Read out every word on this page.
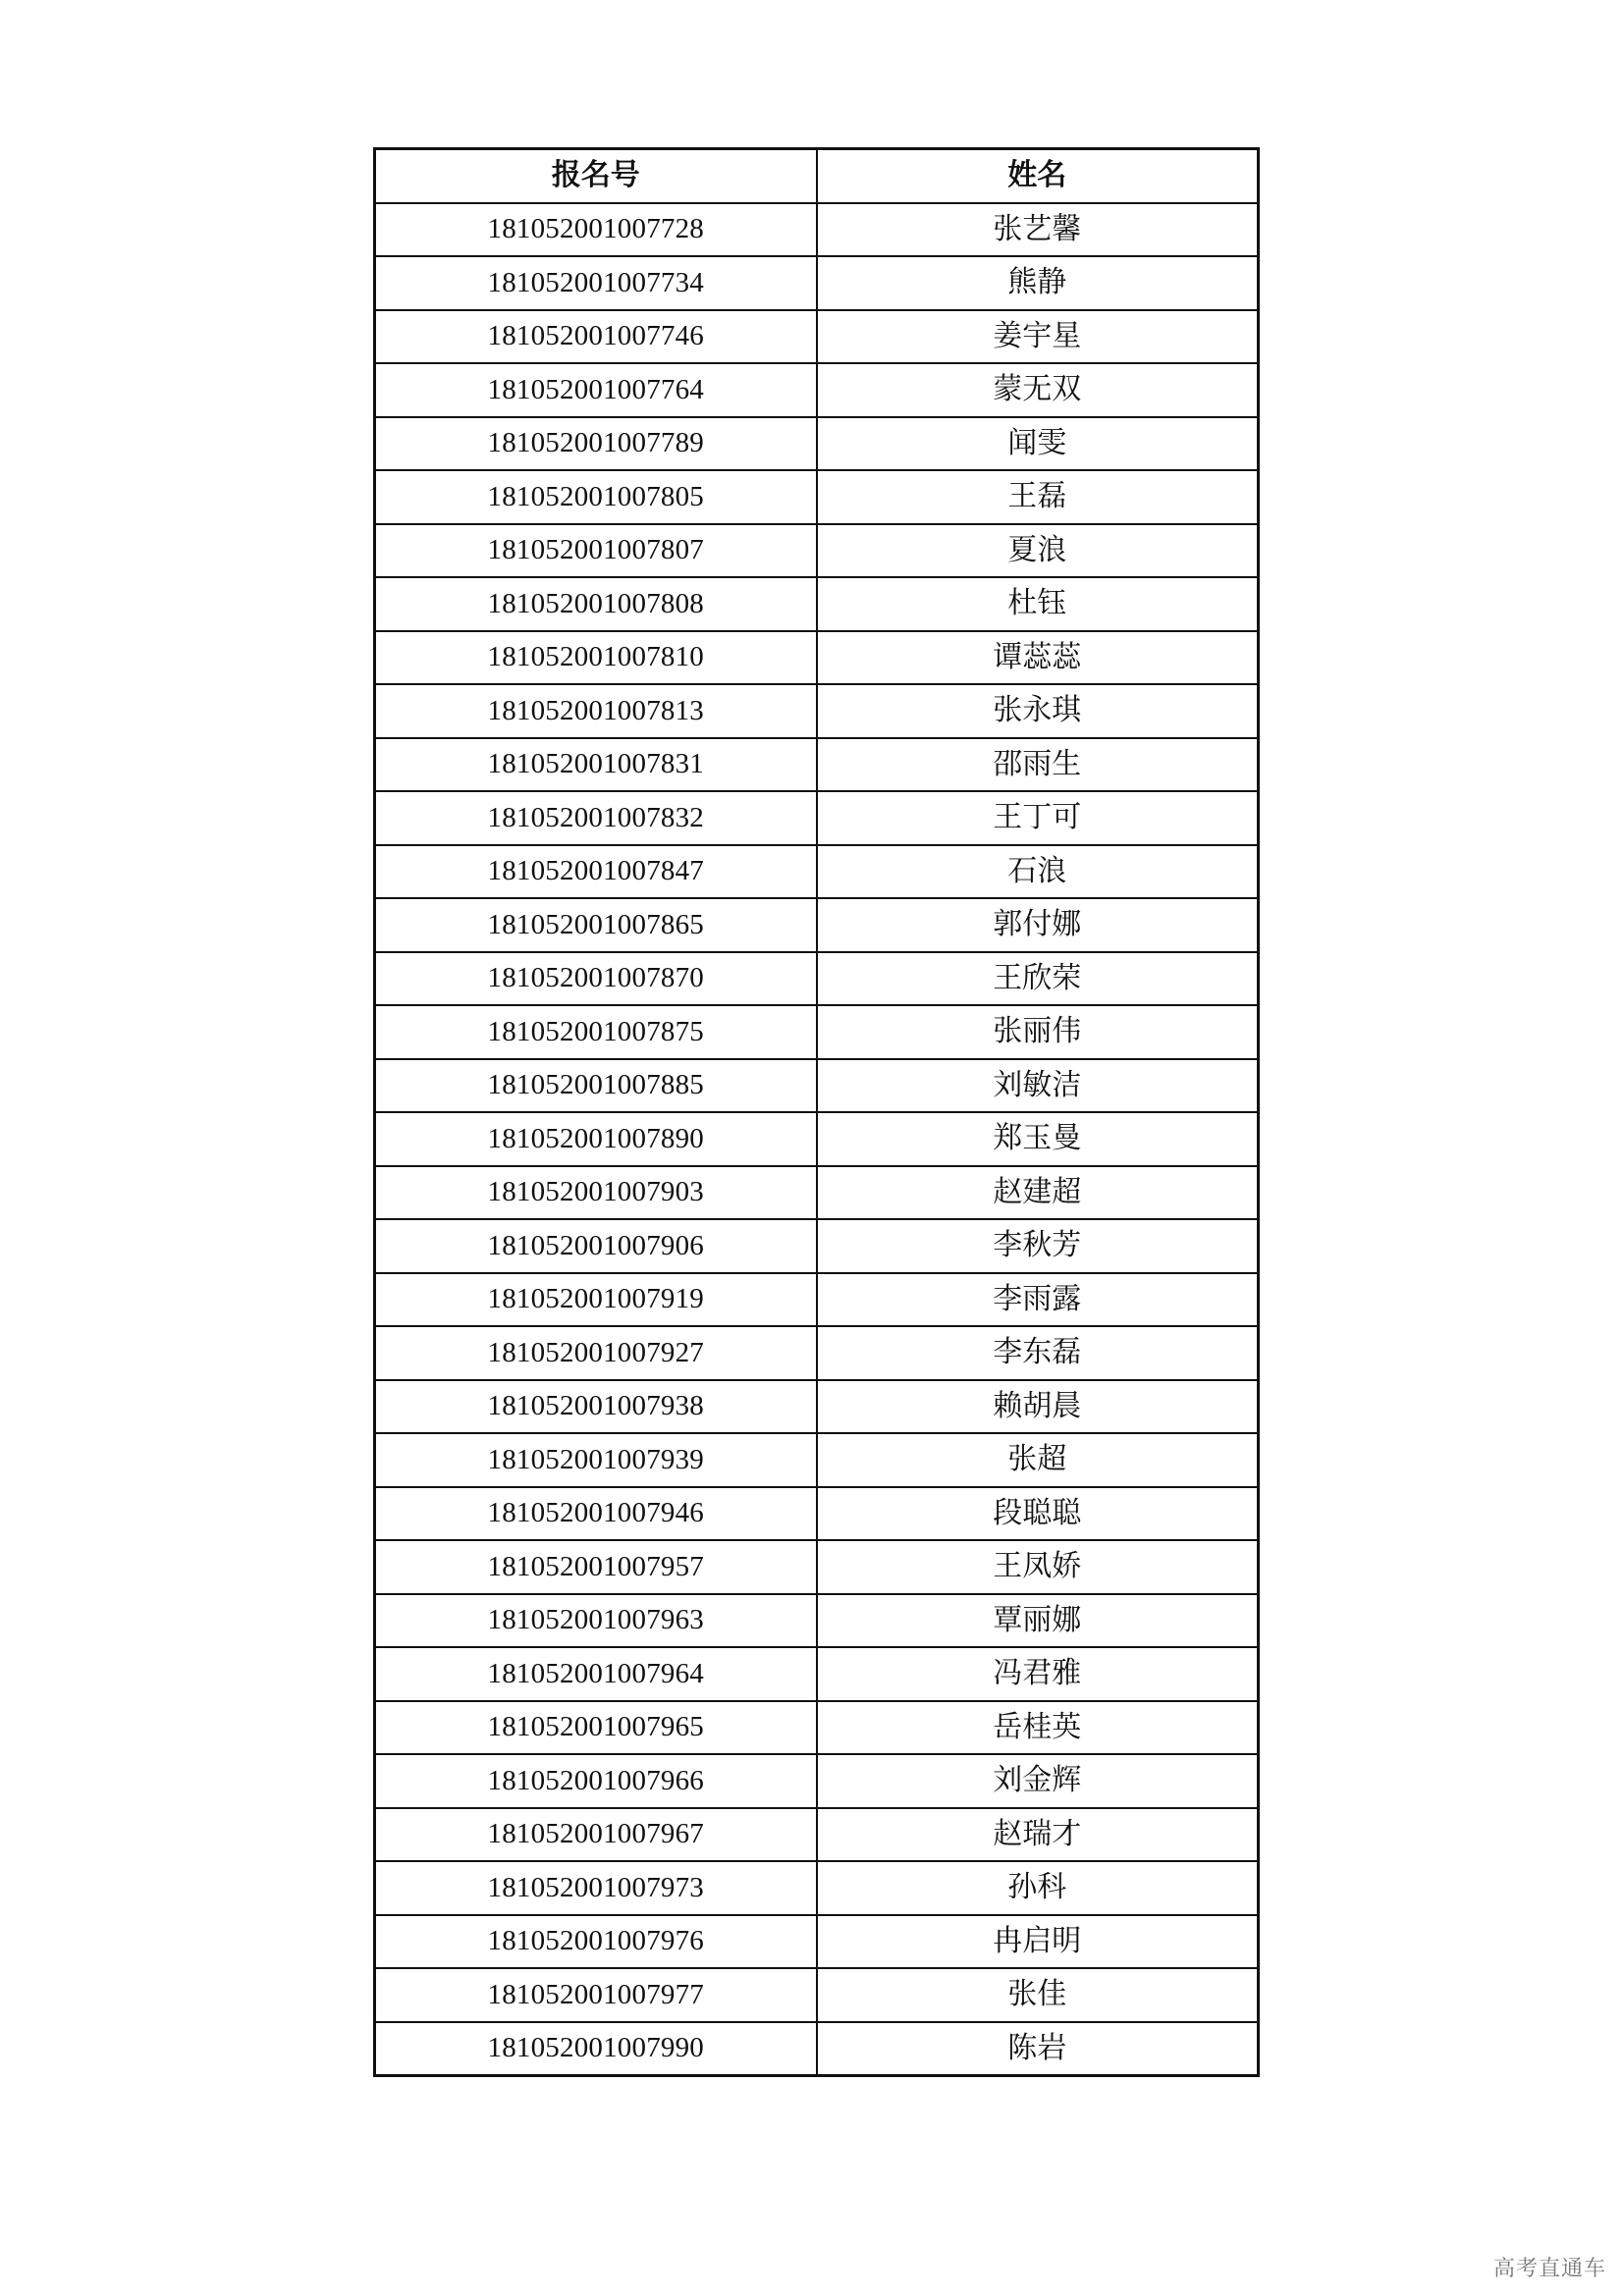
报名号	姓名
181052001007728	张艺馨
181052001007734	熊静
181052001007746	姜宇星
181052001007764	蒙无双
181052001007789	闻雯
181052001007805	王磊
181052001007807	夏浪
181052001007808	杜钰
181052001007810	谭蕊蕊
181052001007813	张永琪
181052001007831	邵雨生
181052001007832	王丁可
181052001007847	石浪
181052001007865	郭付娜
181052001007870	王欣荣
181052001007875	张丽伟
181052001007885	刘敏洁
181052001007890	郑玉曼
181052001007903	赵建超
181052001007906	李秋芳
181052001007919	李雨露
181052001007927	李东磊
181052001007938	赖胡晨
181052001007939	张超
181052001007946	段聪聪
181052001007957	王凤娇
181052001007963	覃丽娜
181052001007964	冯君雅
181052001007965	岳桂英
181052001007966	刘金辉
181052001007967	赵瑞才
181052001007973	孙科
181052001007976	冉启明
181052001007977	张佳
181052001007990	陈岩
高考直通车
